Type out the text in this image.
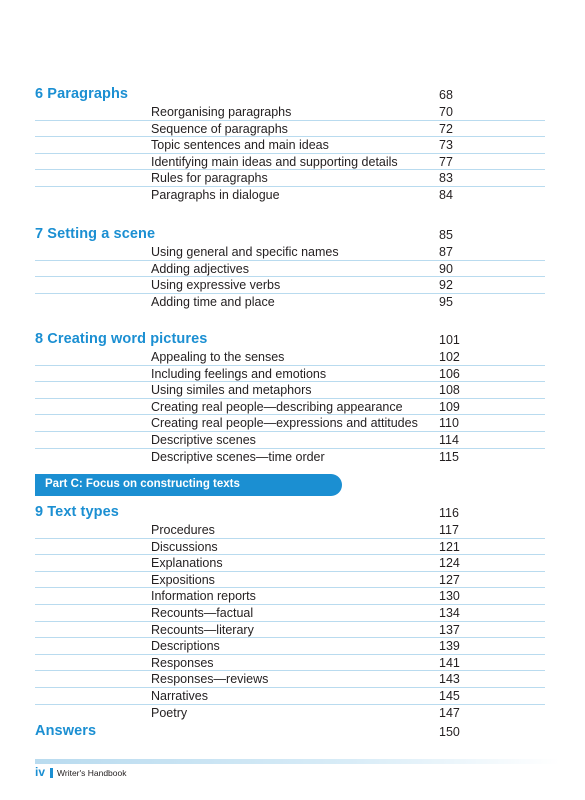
6 Paragraphs	68
Reorganising paragraphs	70
Sequence of paragraphs	72
Topic sentences and main ideas	73
Identifying main ideas and supporting details	77
Rules for paragraphs	83
Paragraphs in dialogue	84
7 Setting a scene	85
Using general and specific names	87
Adding adjectives	90
Using expressive verbs	92
Adding time and place	95
8 Creating word pictures	101
Appealing to the senses	102
Including feelings and emotions	106
Using similes and metaphors	108
Creating real people—describing appearance	109
Creating real people—expressions and attitudes 110
Descriptive scenes	114
Descriptive scenes—time order	115
Part C: Focus on constructing texts
9 Text types	116
Procedures	117
Discussions	121
Explanations	124
Expositions	127
Information reports	130
Recounts—factual	134
Recounts—literary	137
Descriptions	139
Responses	141
Responses—reviews	143
Narratives	145
Poetry	147
Answers	150
iv Writer's Handbook
